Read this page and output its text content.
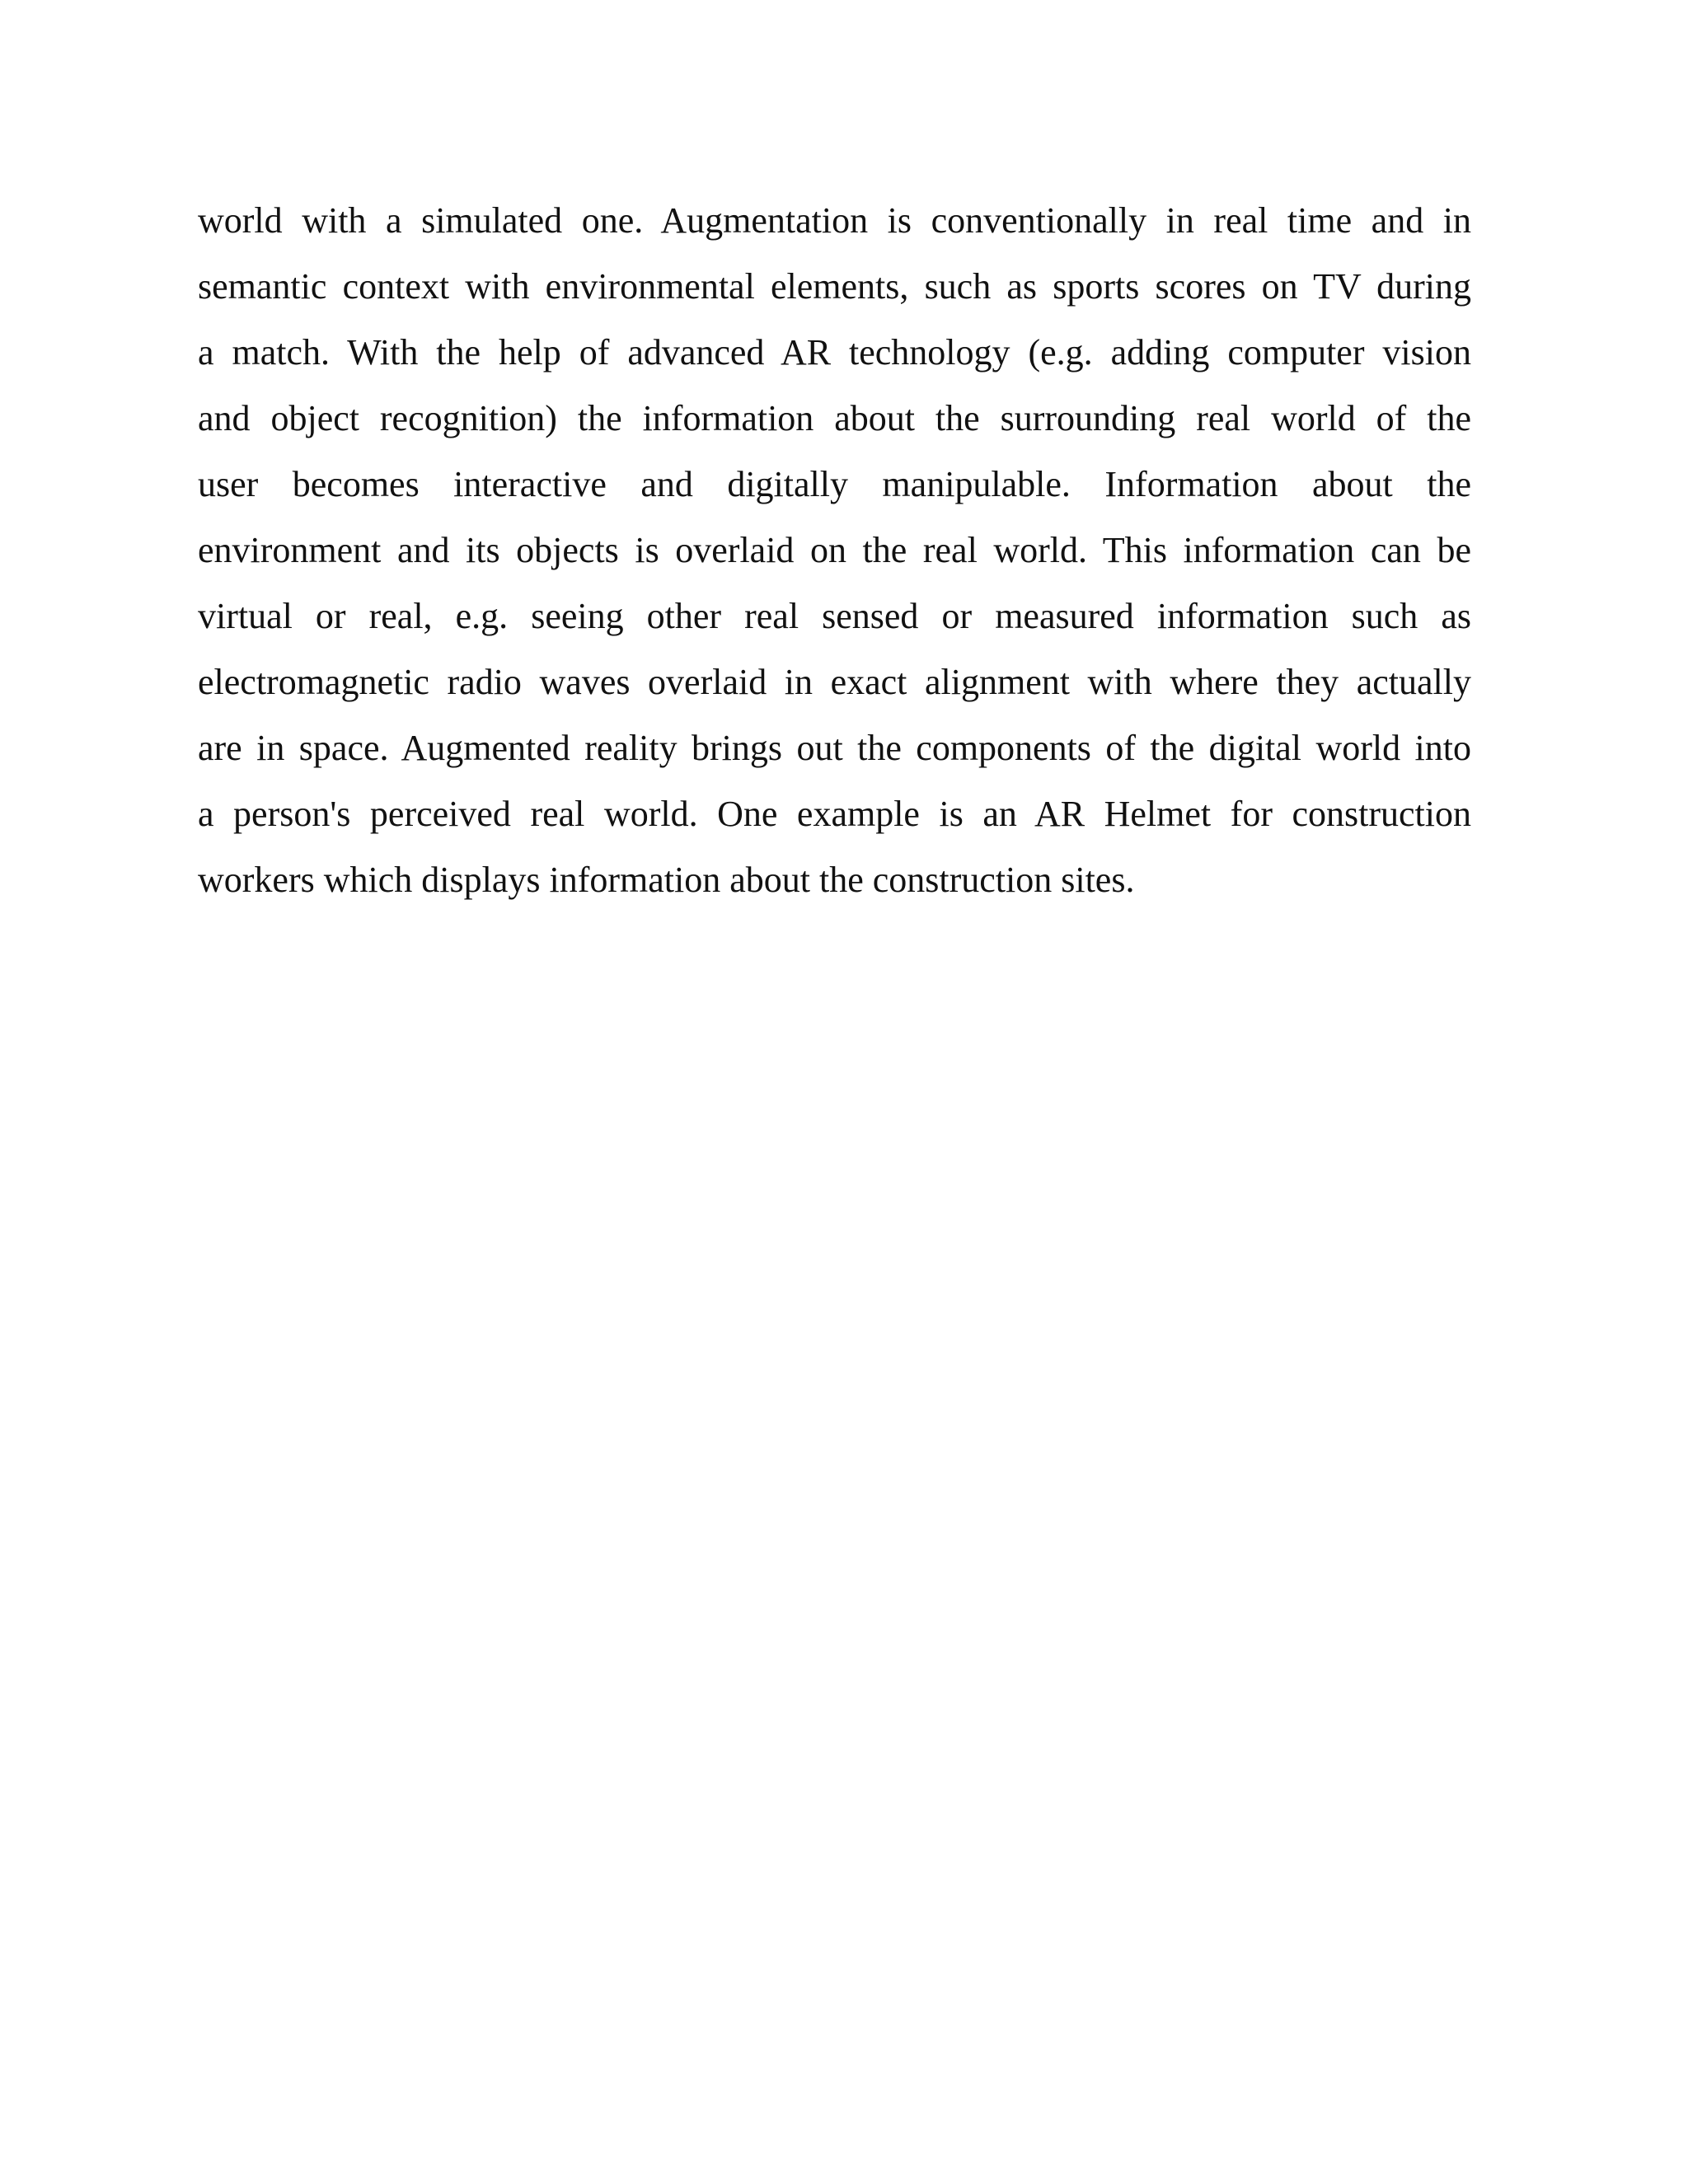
world with a simulated one. Augmentation is conventionally in real time and in
semantic context with environmental elements, such as sports scores on TV during
a match. With the help of advanced AR technology (e.g. adding computer vision
and object recognition) the information about the surrounding real world of the
user becomes interactive and digitally manipulable. Information about the
environment and its objects is overlaid on the real world. This information can be
virtual or real, e.g. seeing other real sensed or measured information such as
electromagnetic radio waves overlaid in exact alignment with where they actually
are in space. Augmented reality brings out the components of the digital world into
a person's perceived real world. One example is an AR Helmet for construction
workers which displays information about the construction sites.
